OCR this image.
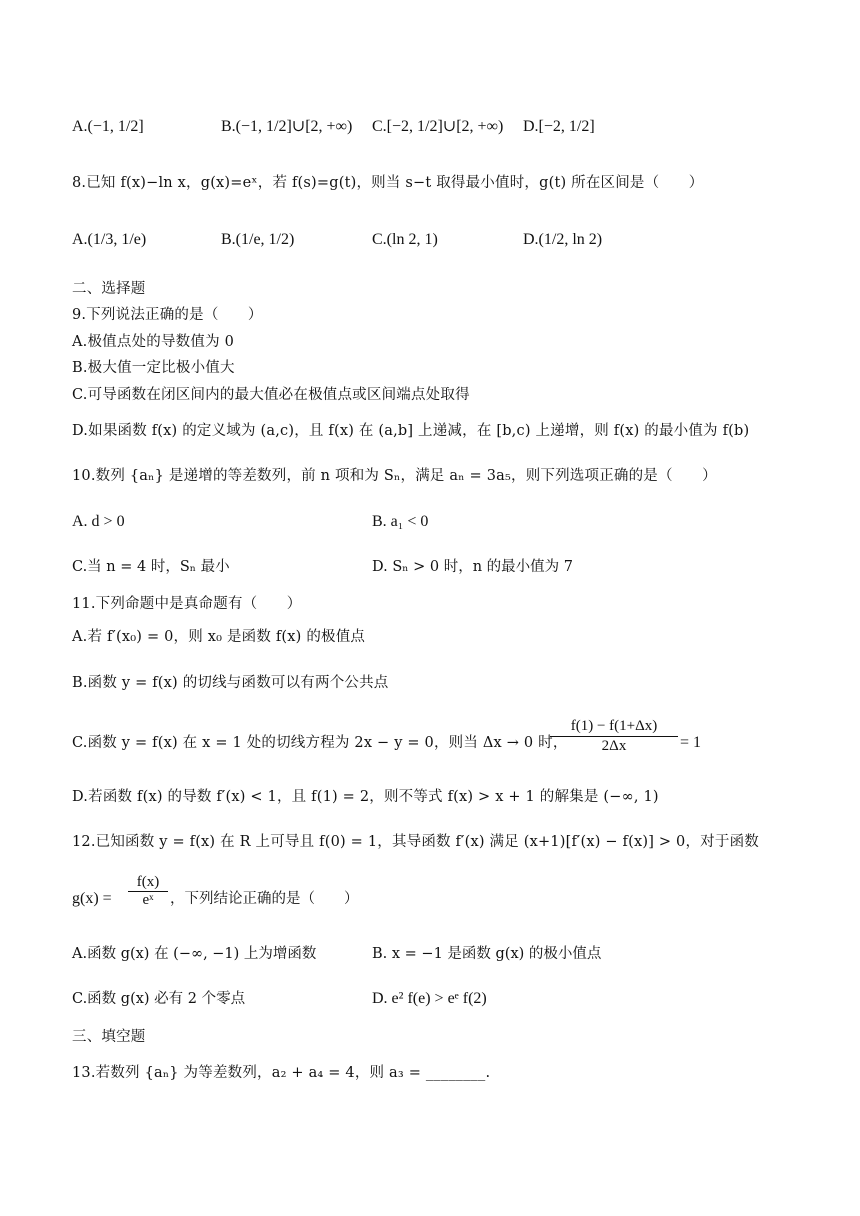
A.(−1, 1/2]	B.(−1, 1/2]∪[2, +∞) C.[−2, 1/2]∪[2, +∞) D.[−2, 1/2]
8.已知 f(x)−ln x，g(x)=eˣ，若 f(s)=g(t)，则当 s−t 取得最小值时，g(t) 所在区间是（　　）
A.(1/3, 1/e)	B.(1/e, 1/2)	C.(ln 2, 1)	D.(1/2, ln 2)
二、选择题
9.下列说法正确的是（　　）
A.极值点处的导数值为 0
B.极大值一定比极小值大
C.可导函数在闭区间内的最大值必在极值点或区间端点处取得
D.如果函数 f(x) 的定义域为 (a,c)，且 f(x) 在 (a,b] 上递减，在 [b,c) 上递增，则 f(x) 的最小值为 f(b)
10.数列 {aₙ} 是递增的等差数列，前 n 项和为 Sₙ，满足 aₙ = 3a₅，则下列选项正确的是（　　）
A. d > 0	B. a₁ < 0
C.当 n = 4 时，Sₙ 最小	D. Sₙ > 0 时，n 的最小值为 7
11.下列命题中是真命题有（　　）
A.若 f′(x₀) = 0，则 x₀ 是函数 f(x) 的极值点
B.函数 y = f(x) 的切线与函数可以有两个公共点
C.函数 y = f(x) 在 x = 1 处的切线方程为 2x − y = 0，则当 Δx → 0 时，
$\frac{f(1) - f(1+\Delta x)}{2\Delta x} = 1$
D.若函数 f(x) 的导数 f′(x) < 1，且 f(1) = 2，则不等式 f(x) > x + 1 的解集是 (−∞, 1)
12.已知函数 y = f(x) 在 R 上可导且 f(0) = 1，其导函数 f′(x) 满足 (x+1)[f′(x) − f(x)] > 0，对于函数
$g(x) = \frac{f(x)}{\text{eˣ}}$ ，下列结论正确的是（　　）
A.函数 g(x) 在 (−∞, −1) 上为增函数	B. x = −1 是函数 g(x) 的极小值点
C.函数 g(x) 必有 2 个零点	D. e² f(e) > eᵉ f(2)
三、填空题
13.若数列 {aₙ} 为等差数列，a₂ + a₄ = 4，则 a₃ = ________.
